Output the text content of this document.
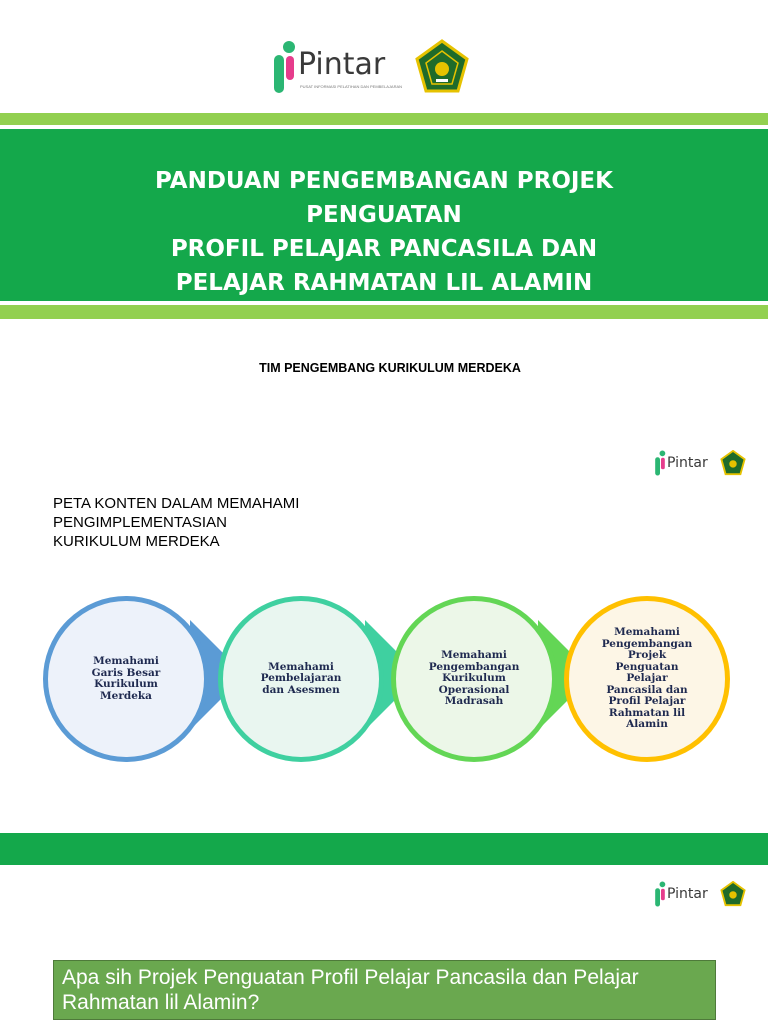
Pintar
PUSAT INFORMASI PELATIHAN DAN PEMBELAJARAN
PANDUAN PENGEMBANGAN PROJEK
PENGUATAN
PROFIL PELAJAR PANCASILA DAN
PELAJAR RAHMATAN LIL ALAMIN
TIM PENGEMBANG KURIKULUM MERDEKA
Pintar
PETA KONTEN DALAM MEMAHAMI
PENGIMPLEMENTASIAN
KURIKULUM MERDEKA
Memahami Garis Besar Kurikulum Merdeka
Memahami Pembelajaran dan Asesmen
Memahami Pengembangan Kurikulum Operasional Madrasah
Memahami Pengembangan Projek Penguatan Pelajar Pancasila dan Profil Pelajar Rahmatan lil Alamin
Pintar
Apa sih Projek Penguatan Profil Pelajar Pancasila dan Pelajar Rahmatan lil Alamin?
